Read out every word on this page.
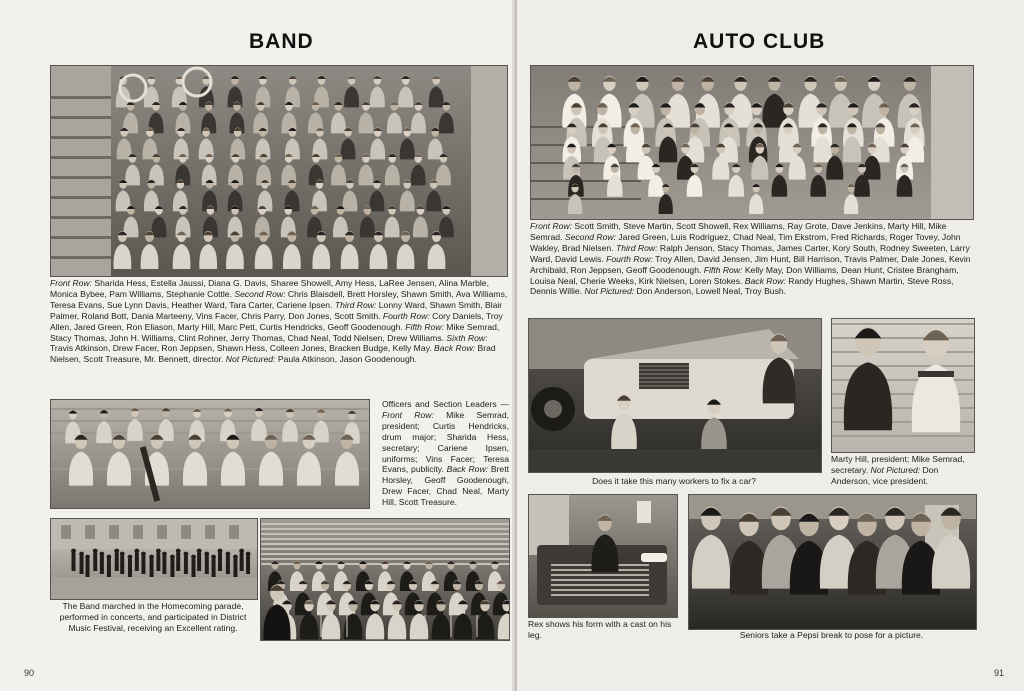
BAND
Front Row: Sharida Hess, Estella Jaussi, Diana G. Davis, Sharee Showell, Amy Hess, LaRee Jensen, Alina Marble, Monica Bybee, Pam Williams, Stephanie Cottle. Second Row: Chris Blaisdell, Brett Horsley, Shawn Smith, Ava Williams, Teresa Evans, Sue Lynn Davis, Heather Ward, Tara Carter, Cariene Ipsen. Third Row: Lonny Ward, Shawn Smith, Blair Palmer, Roland Bott, Dania Marteeny, Vins Facer, Chris Parry, Don Jones, Scott Smith. Fourth Row: Cory Daniels, Troy Allen, Jared Green, Ron Eliason, Marty Hill, Marc Pett, Curtis Hendricks, Geoff Goodenough. Fifth Row: Mike Semrad, Stacy Thomas, John H. Williams, Clint Rohner, Jerry Thomas, Chad Neal, Todd Nielsen, Drew Williams. Sixth Row: Travis Atkinson, Drew Facer, Ron Jeppsen, Shawn Hess, Colleen Jones, Bracken Budge, Kelly May. Back Row: Brad Nielsen, Scott Treasure, Mr. Bennett, director. Not Pictured: Paula Atkinson, Jason Goodenough.
Officers and Section Leaders — Front Row: Mike Semrad, president; Curtis Hendricks, drum major; Sharida Hess, secretary; Cariene Ipsen, uniforms; Vins Facer; Teresa Evans, publicity. Back Row: Brett Horsley, Geoff Goodenough, Drew Facer, Chad Neal, Marty Hill, Scott Treasure.
The Band marched in the Homecoming parade, performed in concerts, and participated in District Music Festival, receiving an Excellent rating.
90
AUTO CLUB
Front Row: Scott Smith, Steve Martin, Scott Showell, Rex Williams, Ray Grote, Dave Jenkins, Marty Hill, Mike Semrad. Second Row: Jared Green, Luis Rodriguez, Chad Neal, Tim Ekstrom, Fred Richards, Roger Tovey, John Wakley, Brad Nielsen. Third Row: Ralph Jenson, Stacy Thomas, James Carter, Kory South, Rodney Sweeten, Larry Ward, David Lewis. Fourth Row: Troy Allen, David Jensen, Jim Hunt, Bill Harrison, Travis Palmer, Dale Jones, Kevin Archibald, Ron Jeppsen, Geoff Goodenough. Fifth Row: Kelly May, Don Williams, Dean Hunt, Cristee Brangham, Louisa Neal, Cherie Weeks, Kirk Nielsen, Loren Stokes. Back Row: Randy Hughes, Shawn Martin, Steve Ross, Dennis Willie. Not Pictured: Don Anderson, Lowell Neal, Troy Bush.
Does it take this many workers to fix a car?
Marty Hill, president; Mike Semrad, secretary. Not Pictured: Don Anderson, vice president.
Rex shows his form with a cast on his leg.	Seniors take a Pepsi break to pose for a picture.
91
